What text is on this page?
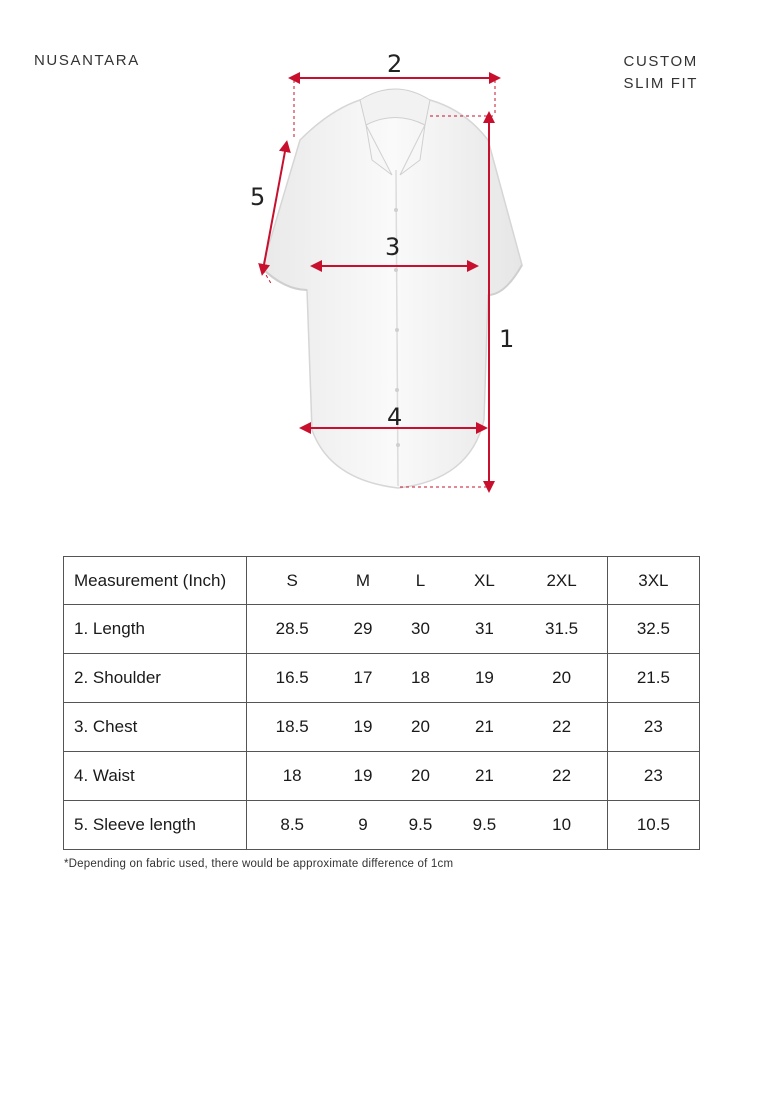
NUSANTARA	CUSTOM
SLIM FIT
1
2
3
4
5
Measurement (Inch)	S	M	L	XL	2XL	3XL
1. Length	28.5	29	30	31	31.5	32.5
2. Shoulder	16.5	17	18	19	20	21.5
3. Chest	18.5	19	20	21	22	23
4. Waist	18	19	20	21	22	23
5. Sleeve length	8.5	9	9.5	9.5	10	10.5
*Depending on fabric used, there would be approximate difference of 1cm
